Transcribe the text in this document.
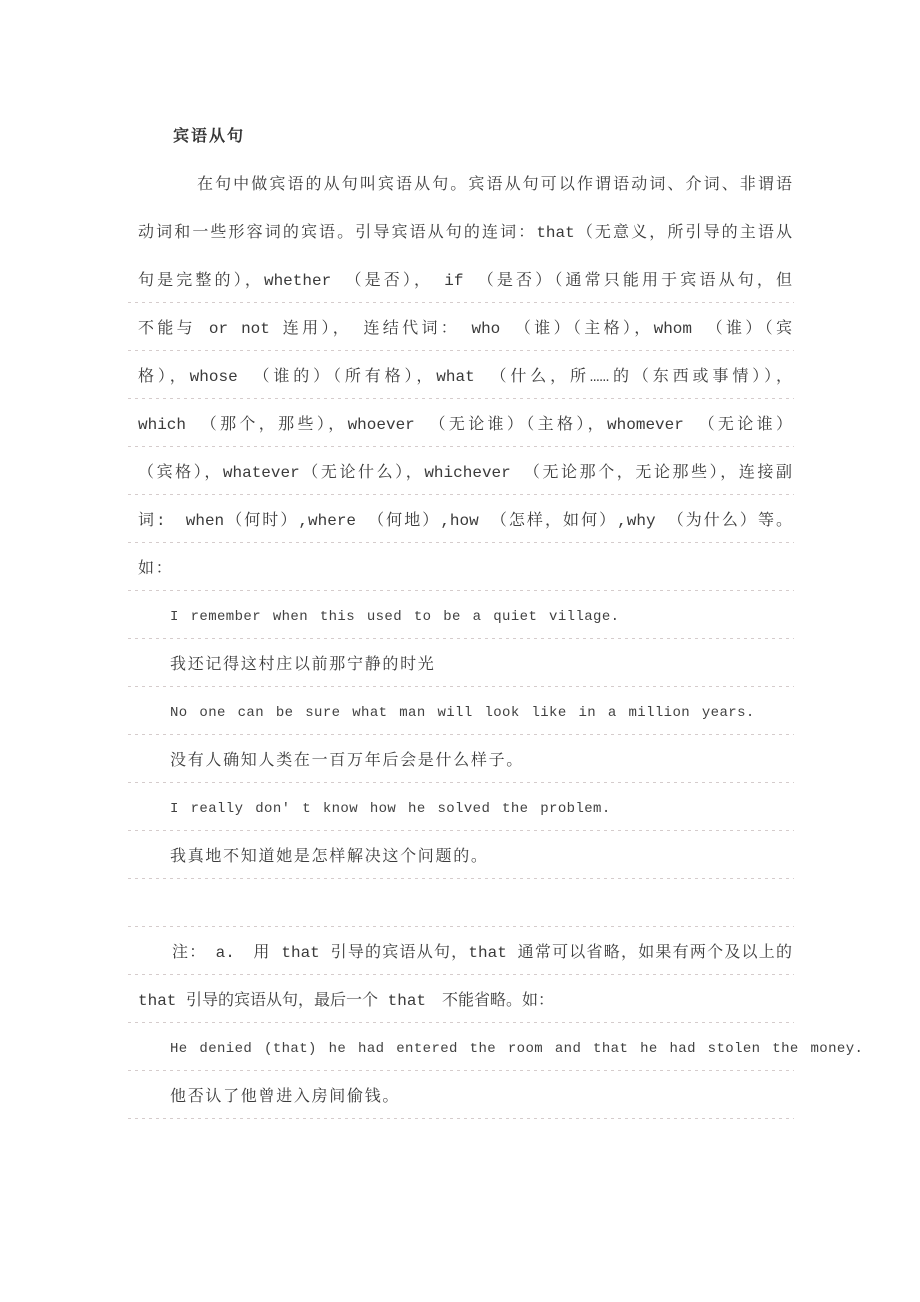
宾语从句
在句中做宾语的从句叫宾语从句。宾语从句可以作谓语动词、介词、非谓语
动词和一些形容词的宾语。引导宾语从句的连词：that（无意义，所引导的主语从
句是完整的），whether　（是否），　if　（是否）（通常只能用于宾语从句，但
不能与 or not 连用），　连结代词：　who　（谁）（主格），whom　（谁）（宾
格），whose　（谁的）（所有格），what　（什么，所……的（东西或事情）），
which　（那个，那些），whoever　（无论谁）（主格），whomever　（无论谁）
（宾格），whatever（无论什么），whichever　（无论那个，无论那些），连接副
词:　when（何时）,where　（何地）,how　（怎样，如何）,why　（为什么）等。
如：
I remember when this used to be a quiet village.
我还记得这村庄以前那宁静的时光
No one can be sure what man will look like in a million years.
没有人确知人类在一百万年后会是什么样子。
I really don' t know how he solved the problem.
我真地不知道她是怎样解决这个问题的。
注：　a.　用 that 引导的宾语从句，that 通常可以省略，如果有两个及以上的
that 引导的宾语从句，最后一个 that　不能省略。如：
He denied (that) he had entered the room and that he had stolen the money.
他否认了他曾进入房间偷钱。
